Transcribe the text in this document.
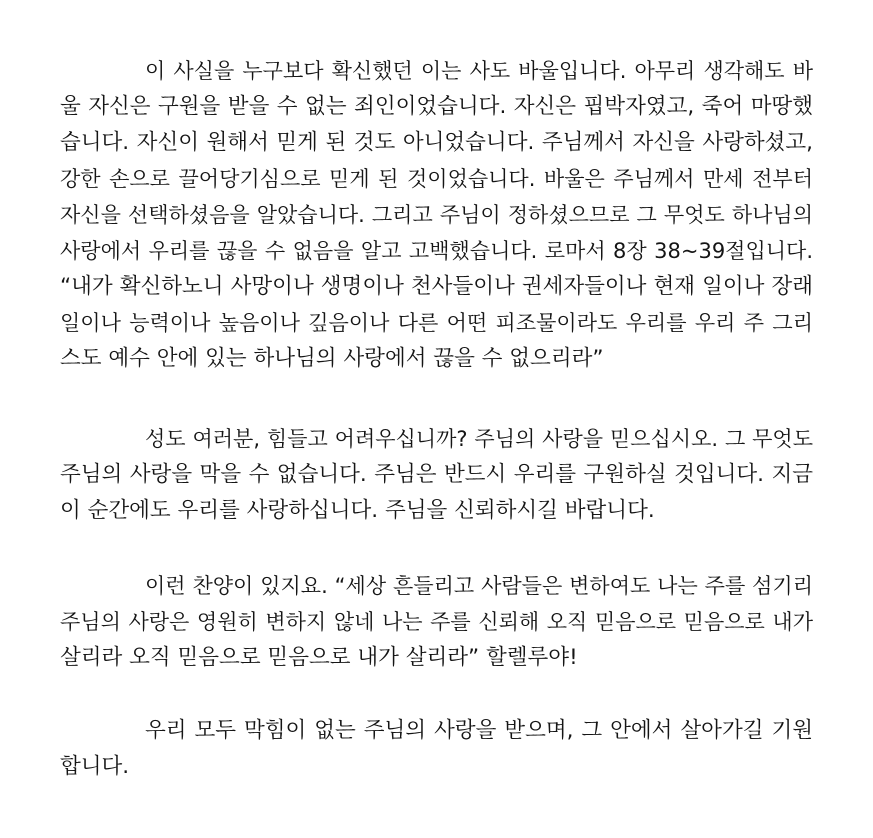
이 사실을 누구보다 확신했던 이는 사도 바울입니다. 아무리 생각해도 바
울 자신은 구원을 받을 수 없는 죄인이었습니다. 자신은 핍박자였고, 죽어 마땅했
습니다. 자신이 원해서 믿게 된 것도 아니었습니다. 주님께서 자신을 사랑하셨고,
강한 손으로 끌어당기심으로 믿게 된 것이었습니다. 바울은 주님께서 만세 전부터
자신을 선택하셨음을 알았습니다. 그리고 주님이 정하셨으므로 그 무엇도 하나님의
사랑에서 우리를 끊을 수 없음을 알고 고백했습니다. 로마서 8장 38~39절입니다.
“내가 확신하노니 사망이나 생명이나 천사들이나 권세자들이나 현재 일이나 장래
일이나 능력이나 높음이나 깊음이나 다른 어떤 피조물이라도 우리를 우리 주 그리
스도 예수 안에 있는 하나님의 사랑에서 끊을 수 없으리라”
성도 여러분, 힘들고 어려우십니까? 주님의 사랑을 믿으십시오. 그 무엇도
주님의 사랑을 막을 수 없습니다. 주님은 반드시 우리를 구원하실 것입니다. 지금
이 순간에도 우리를 사랑하십니다. 주님을 신뢰하시길 바랍니다.
이런 찬양이 있지요. “세상 흔들리고 사람들은 변하여도 나는 주를 섬기리
주님의 사랑은 영원히 변하지 않네 나는 주를 신뢰해 오직 믿음으로 믿음으로 내가
살리라 오직 믿음으로 믿음으로 내가 살리라” 할렐루야!
우리 모두 막힘이 없는 주님의 사랑을 받으며, 그 안에서 살아가길 기원
합니다.
